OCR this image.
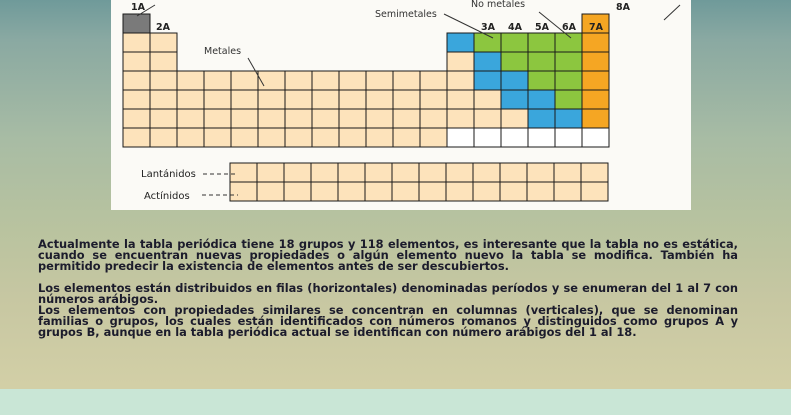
1A
2A	3A 4A 5A 6A 7A
8A
Metales
Semimetales
No metales
Lantánidos
Actínidos

Actualmente la tabla periódica tiene 18 grupos y 118 elementos, es interesante que la tabla no es estática, cuando se encuentran nuevas propiedades o algún elemento nuevo la tabla se modifica. También ha permitido predecir la existencia de elementos antes de ser descubiertos.

Los elementos están distribuidos en filas (horizontales) denominadas períodos y se enumeran del 1 al 7 con números arábigos.

Los elementos con propiedades similares se concentran en columnas (verticales), que se denominan familias o grupos, los cuales están identificados con números romanos y distinguidos como grupos A y grupos B, aunque en la tabla periódica actual se identifican con número arábigos del 1 al 18.
